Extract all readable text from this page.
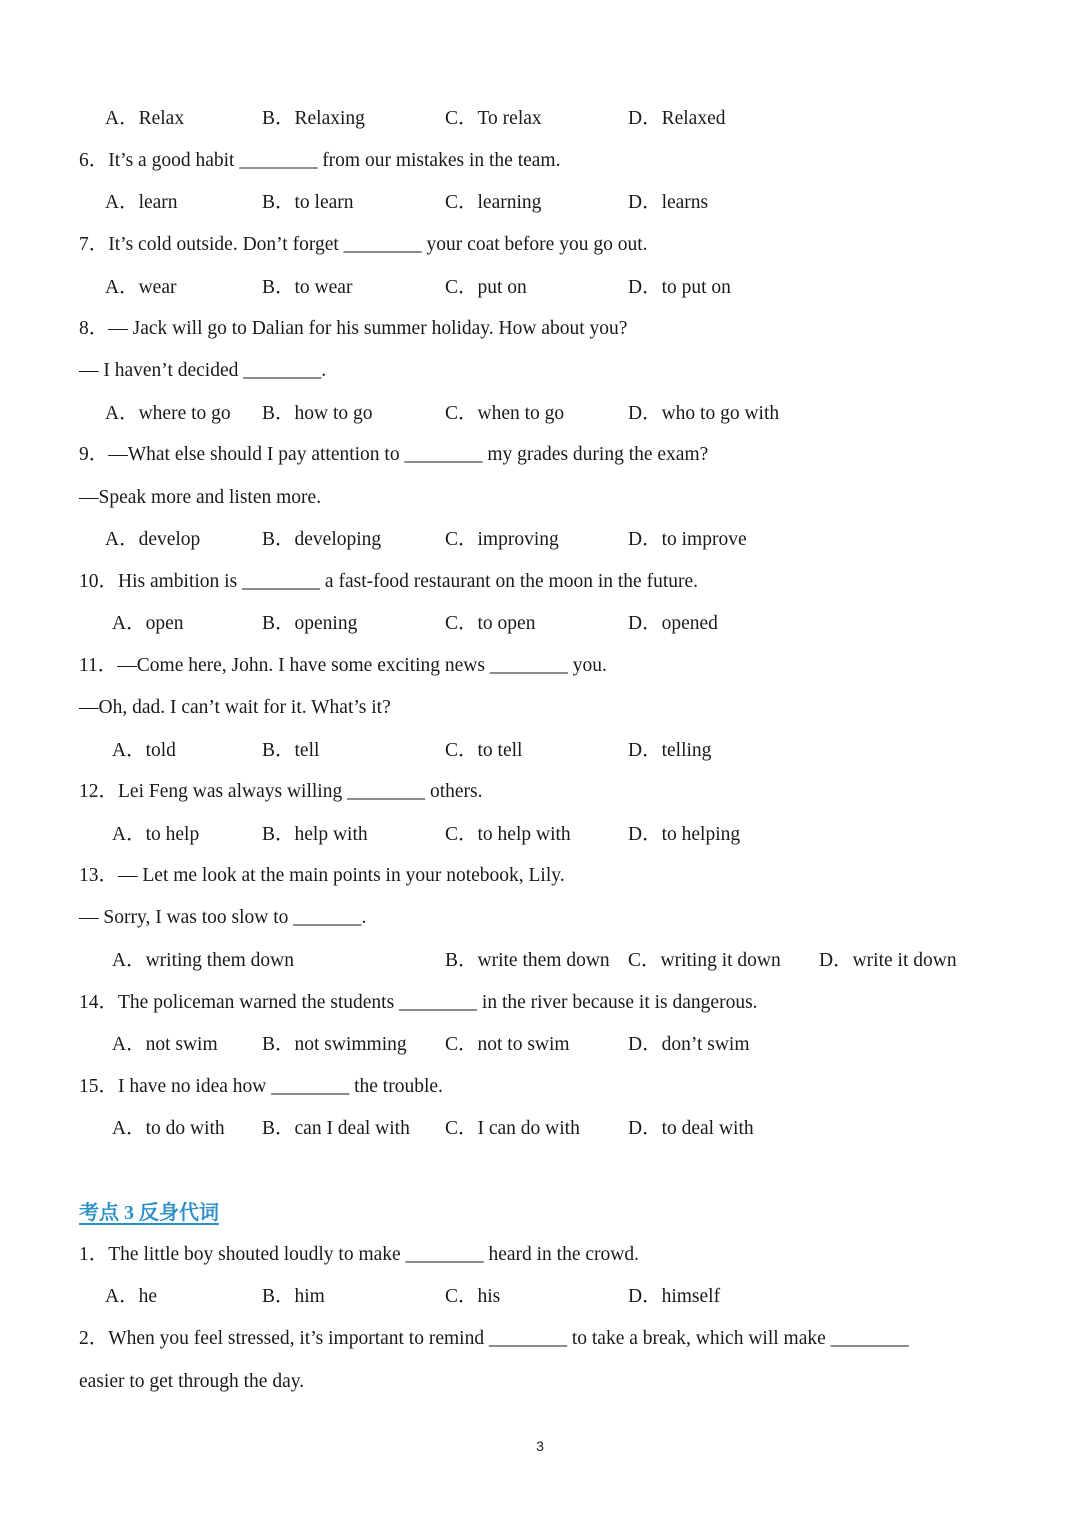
A．Relax	B．Relaxing	C．To relax	D．Relaxed
6．It’s a good habit ________ from our mistakes in the team.
A．learn	B．to learn	C．learning	D．learns
7．It’s cold outside. Don’t forget ________ your coat before you go out.
A．wear	B．to wear	C．put on	D．to put on
8．— Jack will go to Dalian for his summer holiday. How about you?
— I haven’t decided ________.
A．where to go B．how to go	C．when to go	D．who to go with
9．—What else should I pay attention to ________ my grades during the exam?
—Speak more and listen more.
A．develop	B．developing	C．improving	D．to improve
10．His ambition is ________ a fast-food restaurant on the moon in the future.
A．open	B．opening	C．to open	D．opened
11．—Come here, John. I have some exciting news ________ you.
—Oh, dad. I can’t wait for it. What’s it?
A．told	B．tell	C．to tell	D．telling
12．Lei Feng was always willing ________ others.
A．to help	B．help with	C．to help with	D．to helping
13．— Let me look at the main points in your notebook, Lily.
— Sorry, I was too slow to _______.
A．writing them down	B．write them down C．writing it down D．write it down
14．The policeman warned the students ________ in the river because it is dangerous.
A．not swim B．not swimming C．not to swim	D．don’t swim
15．I have no idea how ________ the trouble.
A．to do with B．can I deal with C．I can do with D．to deal with
考点 3 反身代词
1．The little boy shouted loudly to make ________ heard in the crowd.
A．he	B．him	C．his	D．himself
2．When you feel stressed, it’s important to remind ________ to take a break, which will make ________
easier to get through the day.
3
